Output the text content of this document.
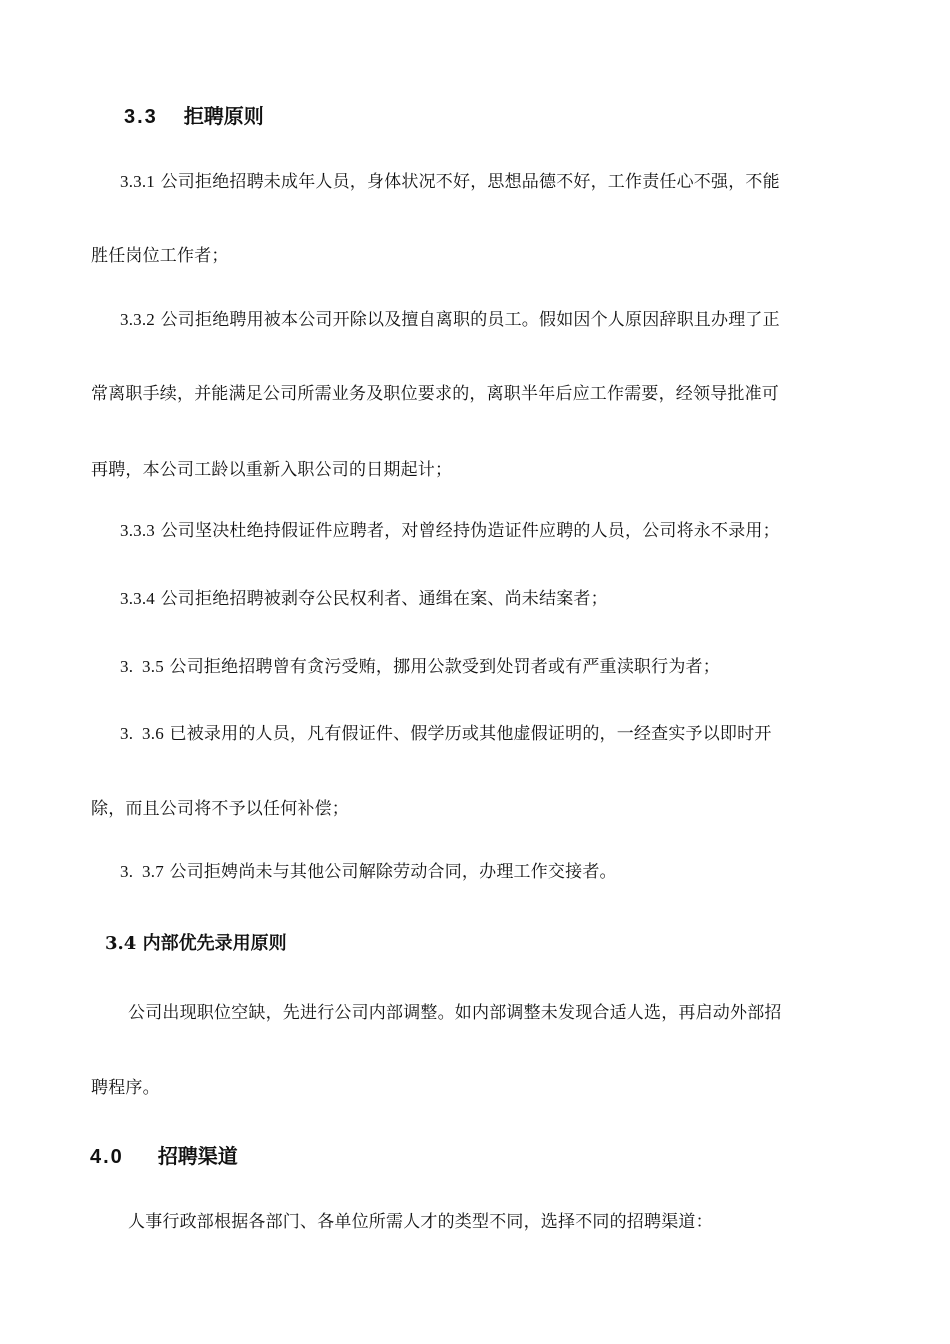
3.3 拒聘原则
3.3.1 公司拒绝招聘未成年人员，身体状况不好，思想品德不好，工作责任心不强，不能
胜任岗位工作者；
3.3.2 公司拒绝聘用被本公司开除以及擅自离职的员工。假如因个人原因辞职且办理了正
常离职手续，并能满足公司所需业务及职位要求的，离职半年后应工作需要，经领导批准可
再聘，本公司工龄以重新入职公司的日期起计；
3.3.3 公司坚决杜绝持假证件应聘者，对曾经持伪造证件应聘的人员，公司将永不录用；
3.3.4 公司拒绝招聘被剥夺公民权利者、通缉在案、尚未结案者；
3.  3.5 公司拒绝招聘曾有贪污受贿，挪用公款受到处罚者或有严重渎职行为者；
3.  3.6 已被录用的人员，凡有假证件、假学历或其他虚假证明的，一经查实予以即时开
除，而且公司将不予以任何补偿；
3.  3.7 公司拒娉尚未与其他公司解除劳动合同，办理工作交接者。
3.4 内部优先录用原则
公司出现职位空缺，先进行公司内部调整。如内部调整未发现合适人选，再启动外部招
聘程序。
4.0 招聘渠道
人事行政部根据各部门、各单位所需人才的类型不同，选择不同的招聘渠道：
